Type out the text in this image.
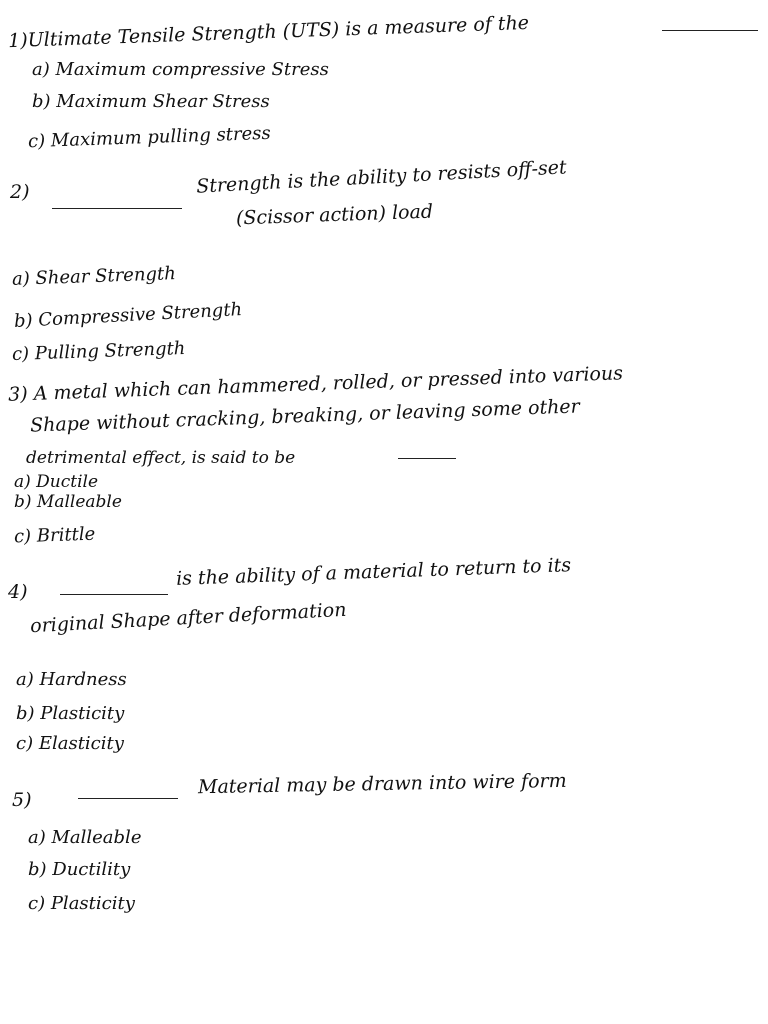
1)Ultimate Tensile Strength (UTS) is a measure of the
a) Maximum compressive Stress
b) Maximum Shear Stress
c) Maximum pulling stress
2)	Strength is the ability to resists off-set
(Scissor action) load
a) Shear Strength
b) Compressive Strength
c) Pulling Strength
3) A metal which can hammered, rolled, or pressed into various
Shape without cracking, breaking, or leaving some other
detrimental effect, is said to be
a) Ductile
b) Malleable
c) Brittle
4)
is the ability of a material to return to its
original Shape after deformation
a) Hardness
b) Plasticity
c) Elasticity
5)
Material may be drawn into wire form
a) Malleable
b) Ductility
c) Plasticity
